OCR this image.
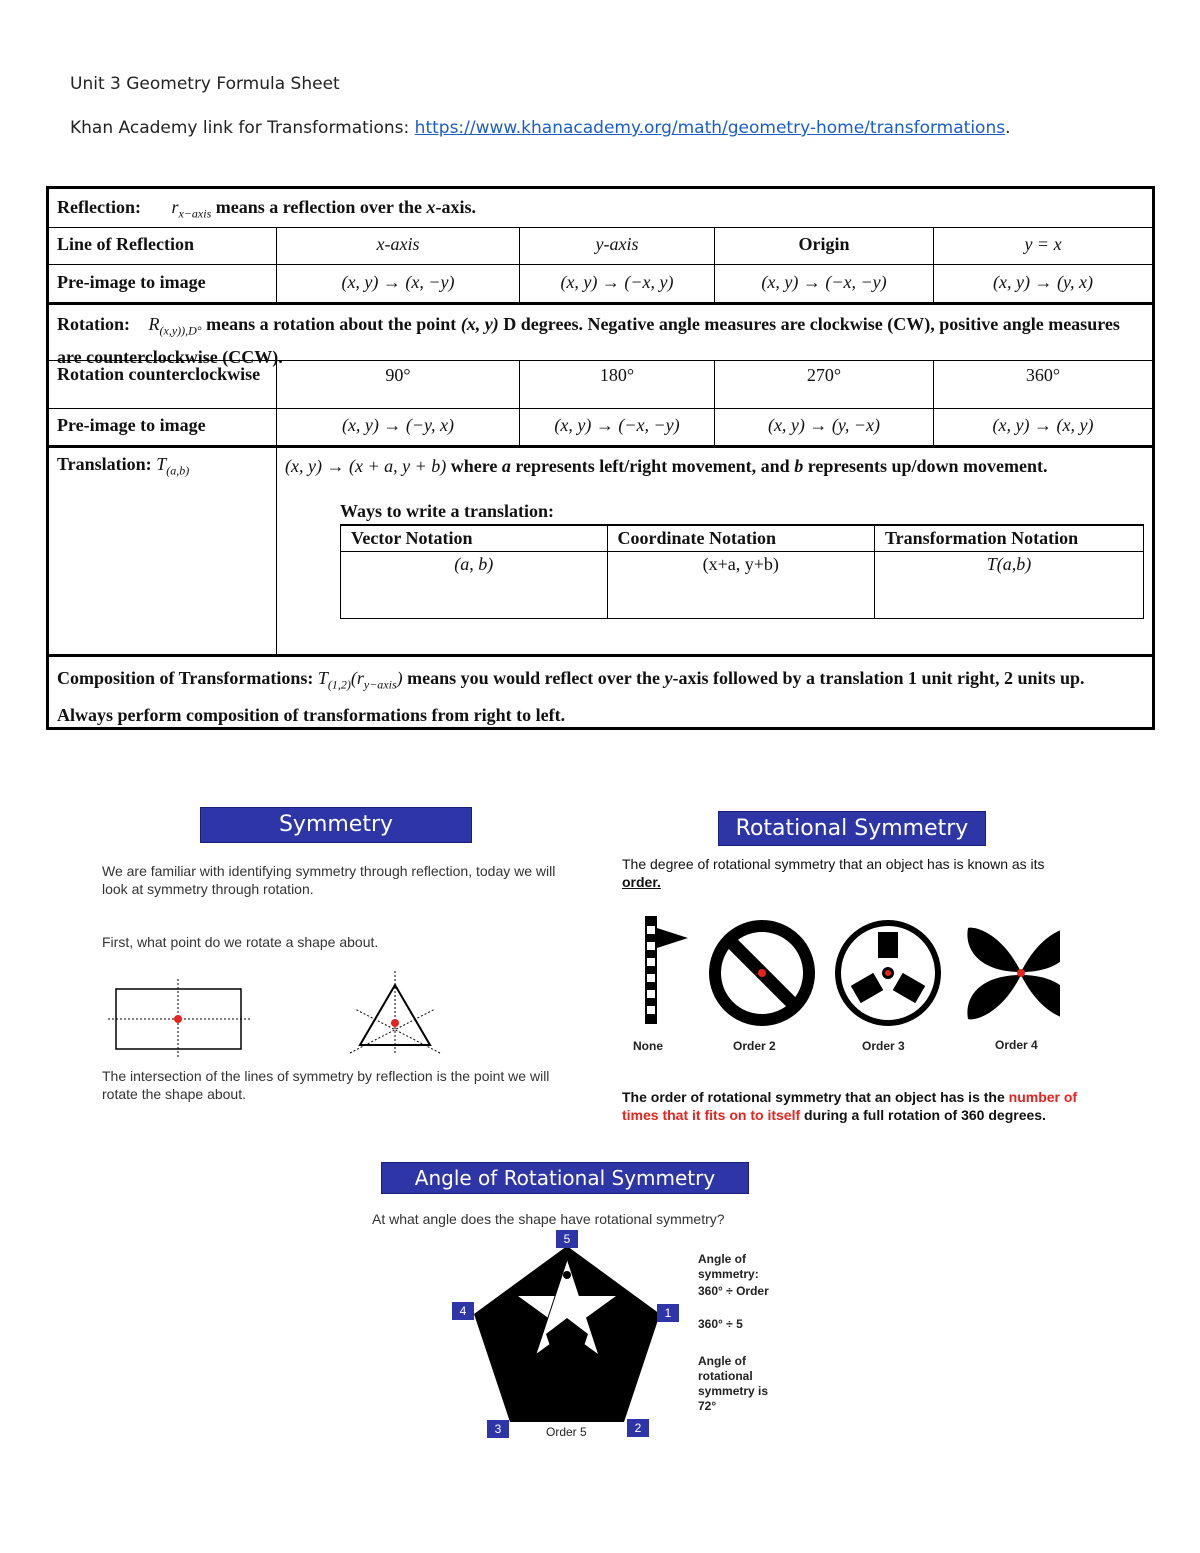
Unit 3 Geometry Formula Sheet
Khan Academy link for Transformations: https://www.khanacademy.org/math/geometry-home/transformations.
Reflection: $r_{x-axis}$ means a reflection over the x-axis.
Line of Reflection	x-axis	y-axis	Origin	y = x
Pre-image to image	(x, y) → (x, −y)	(x, y) → (−x, y)	(x, y) → (−x, −y)	(x, y) → (y, x)
Rotation: $R_{(x,y)),D^\circ}$ means a rotation about the point (x, y) D degrees. Negative angle measures are clockwise (CW), positive angle measures are counterclockwise (CCW).
Rotation counterclockwise	90°	180°	270°	360°
Pre-image to image	(x, y) → (−y, x)	(x, y) → (−x, −y)	(x, y) → (y, −x)	(x, y) → (x, y)
Translation: $T_{(a,b)}$	(x, y) → (x + a, y + b) where a represents left/right movement, and b represents up/down movement.
Ways to write a translation:
Vector Notation	Coordinate Notation	Transformation Notation
(a, b)	(x+a, y+b)	T(a,b)
Composition of Transformations: $T_{(1,2)}(r_{y-axis})$ means you would reflect over the y-axis followed by a translation 1 unit right, 2 units up. Always perform composition of transformations from right to left.
Symmetry
We are familiar with identifying symmetry through reflection, today we will look at symmetry through rotation.
First, what point do we rotate a shape about.
The intersection of the lines of symmetry by reflection is the point we will rotate the shape about.
Rotational Symmetry
The degree of rotational symmetry that an object has is known as its order.
None	Order 2	Order 3	Order 4
The order of rotational symmetry that an object has is the number of times that it fits on to itself during a full rotation of 360 degrees.
Angle of Rotational Symmetry
At what angle does the shape have rotational symmetry?
5
1
4
3	2
Order 5
Angle of symmetry:
360° ÷ Order
360° ÷ 5
Angle of rotational symmetry is 72°
